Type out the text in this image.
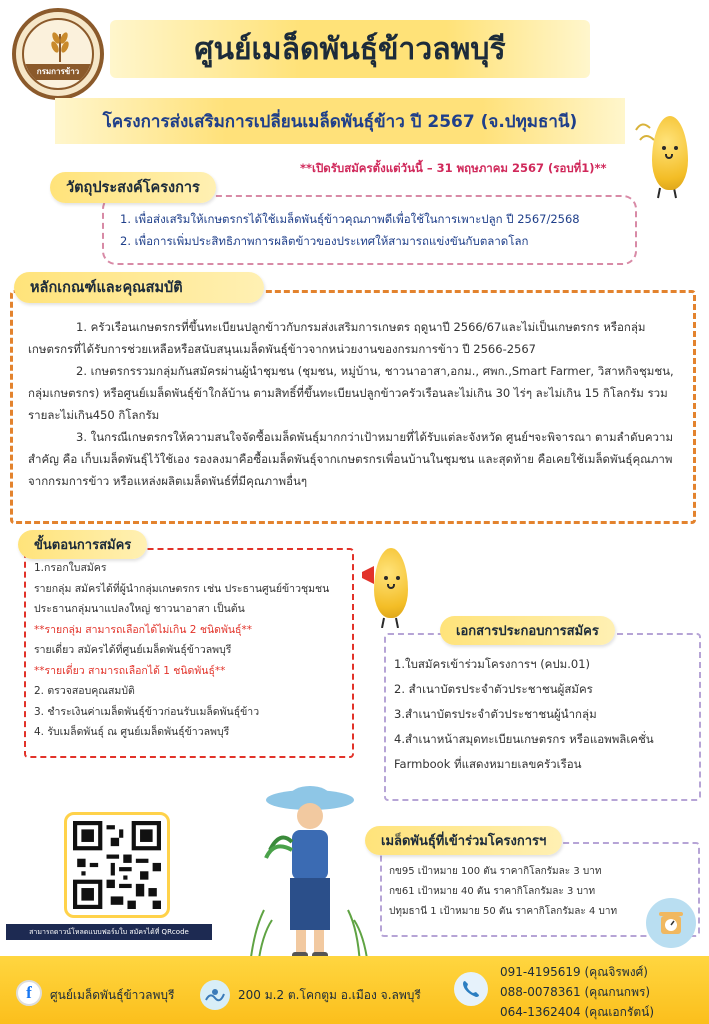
กรมการข้าว
ศูนย์เมล็ดพันธุ์ข้าวลพบุรี
โครงการส่งเสริมการเปลี่ยนเมล็ดพันธุ์ข้าว ปี 2567 (จ.ปทุมธานี)
**เปิดรับสมัครตั้งแต่วันนี้ – 31 พฤษภาคม 2567 (รอบที่1)**
วัตถุประสงค์โครงการ
1. เพื่อส่งเสริมให้เกษตรกรได้ใช้เมล็ดพันธุ์ข้าวคุณภาพดีเพื่อใช้ในการเพาะปลูก ปี 2567/2568
2. เพื่อการเพิ่มประสิทธิภาพการผลิตข้าวของประเทศให้สามารถแข่งขันกับตลาดโลก
หลักเกณฑ์และคุณสมบัติ

1. ครัวเรือนเกษตรกรที่ขึ้นทะเบียนปลูกข้าวกับกรมส่งเสริมการเกษตร ฤดูนาปี 2566/67และไม่เป็นเกษตรกร หรือกลุ่มเกษตรกรที่ได้รับการช่วยเหลือหรือสนับสนุนเมล็ดพันธุ์ข้าวจากหน่วยงานของกรมการข้าว ปี 2566-2567

2. เกษตรกรรวมกลุ่มกันสมัครผ่านผู้นำชุมชน (ชุมชน, หมู่บ้าน, ชาวนาอาสา,อกม., ศพก.,Smart Farmer, วิสาหกิจชุมชน, กลุ่มเกษตรกร) หรือศูนย์เมล็ดพันธุ์ข้าใกล้บ้าน ตามสิทธิ์ที่ขึ้นทะเบียนปลูกข้าวครัวเรือนละไม่เกิน 30 ไร่ๆ ละไม่เกิน 15 กิโลกรัม รวมรายละไม่เกิน450 กิโลกรัม

3. ในกรณีเกษตรกรให้ความสนใจจัดซื้อเมล็ดพันธุ์มากกว่าเป้าหมายที่ได้รับแต่ละจังหวัด ศูนย์ฯจะพิจารณา ตามลำดับความสำคัญ คือ เก็บเมล็ดพันธุ์ไว้ใช้เอง รองลงมาคือซื้อเมล็ดพันธุ์จากเกษตรกรเพื่อนบ้านในชุมชน และสุดท้าย คือเคยใช้เมล็ดพันธุ์คุณภาพจากกรมการข้าว หรือแหล่งผลิตเมล็ดพันธ์ที่มีคุณภาพอื่นๆ

ขั้นตอนการสมัคร
1.กรอกใบสมัคร
รายกลุ่ม สมัครได้ที่ผู้นำกลุ่มเกษตรกร เช่น ประธานศูนย์ข้าวชุมชน
ประธานกลุ่มนาแปลงใหญ่ ชาวนาอาสา เป็นต้น
**รายกลุ่ม สามารถเลือกได้ไม่เกิน 2 ชนิดพันธุ์**
รายเดี่ยว สมัครได้ที่ศูนย์เมล็ดพันธุ์ข้าวลพบุรี
**รายเดี่ยว สามารถเลือกได้ 1 ชนิดพันธุ์**
2. ตรวจสอบคุณสมบัติ
3. ชำระเงินค่าเมล็ดพันธุ์ข้าวก่อนรับเมล็ดพันธุ์ข้าว
4. รับเมล็ดพันธุ์ ณ ศูนย์เมล็ดพันธุ์ข้าวลพบุรี
เอกสารประกอบการสมัคร
1.ใบสมัครเข้าร่วมโครงการฯ (คปม.01)
2. สำเนาบัตรประจำตัวประชาชนผู้สมัคร
3.สำเนาบัตรประจำตัวประชาชนผู้นำกลุ่ม
4.สำเนาหน้าสมุดทะเบียนเกษตรกร หรือแอพพลิเคชั่น
Farmbook ที่แสดงหมายเลขครัวเรือน
สามารถดาวน์โหลดแบบฟอร์มใบ สมัครได้ที่ QRcode
เมล็ดพันธุ์ที่เข้าร่วมโครงการฯ
กข95 เป้าหมาย 100 ตัน ราคากิโลกรัมละ 3 บาท
กข61 เป้าหมาย 40 ตัน ราคากิโลกรัมละ 3 บาท
ปทุมธานี 1 เป้าหมาย 50 ตัน ราคากิโลกรัมละ 4 บาท
f	ศูนย์เมล็ดพันธุ์ข้าวลพบุรี	200 ม.2 ต.โคกตูม อ.เมือง จ.ลพบุรี
091-4195619 (คุณจิรพงศ์)
088-0078361 (คุณกนกพร)
064-1362404 (คุณเอกรัตน์)
